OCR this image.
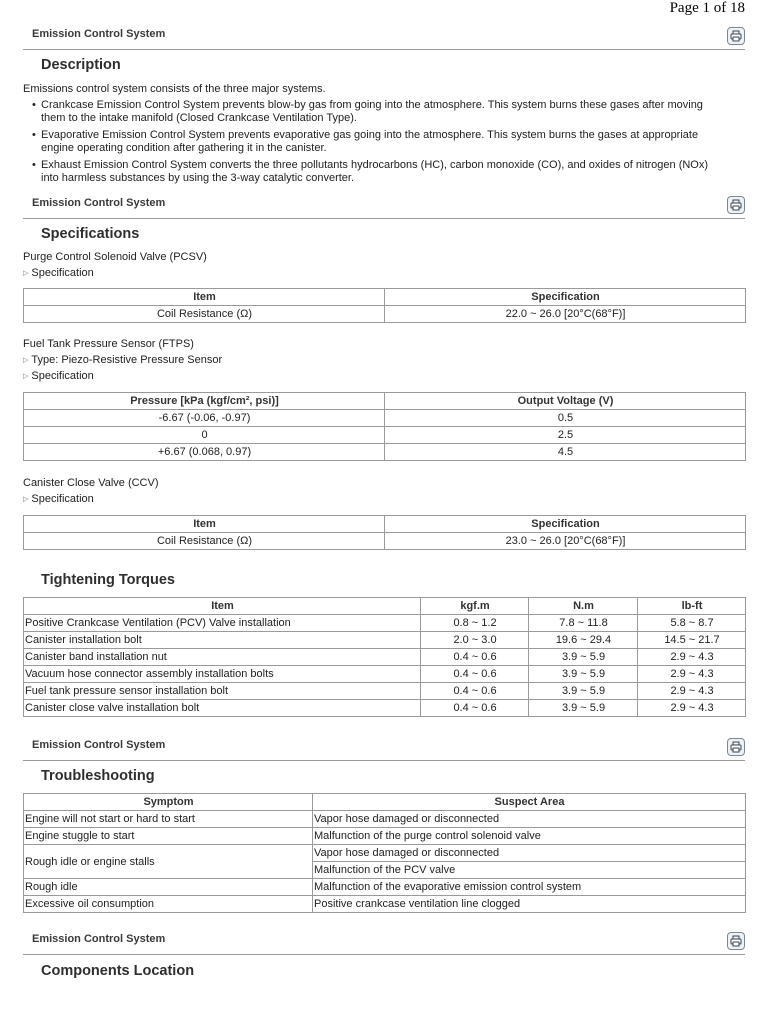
Page 1 of 18
Emission Control System
Description

Emissions control system consists of the three major systems.

• Crankcase Emission Control System prevents blow-by gas from going into the atmosphere. This system burns these gases after moving
them to the intake manifold (Closed Crankcase Ventilation Type).
• Evaporative Emission Control System prevents evaporative gas going into the atmosphere. This system burns the gases at appropriate
engine operating condition after gathering it in the canister.
• Exhaust Emission Control System converts the three pollutants hydrocarbons (HC), carbon monoxide (CO), and oxides of nitrogen (NOx)
into harmless substances by using the 3-way catalytic converter.
Emission Control System
Specifications
Purge Control Solenoid Valve (PCSV)
▷ Specification
Item	Specification
Coil Resistance (Ω)	22.0 ~ 26.0 [20°C(68°F)]
Fuel Tank Pressure Sensor (FTPS)
▷ Type: Piezo-Resistive Pressure Sensor
▷ Specification
Pressure [kPa (kgf/cm², psi)]	Output Voltage (V)
-6.67 (-0.06, -0.97)	0.5
0	2.5
+6.67 (0.068, 0.97)	4.5
Canister Close Valve (CCV)
▷ Specification
Item	Specification
Coil Resistance (Ω)	23.0 ~ 26.0 [20°C(68°F)]
Tightening Torques
Item	kgf.m	N.m	lb-ft
Positive Crankcase Ventilation (PCV) Valve installation	0.8 ~ 1.2	7.8 ~ 11.8	5.8 ~ 8.7
Canister installation bolt	2.0 ~ 3.0	19.6 ~ 29.4	14.5 ~ 21.7
Canister band installation nut	0.4 ~ 0.6	3.9 ~ 5.9	2.9 ~ 4.3
Vacuum hose connector assembly installation bolts	0.4 ~ 0.6	3.9 ~ 5.9	2.9 ~ 4.3
Fuel tank pressure sensor installation bolt	0.4 ~ 0.6	3.9 ~ 5.9	2.9 ~ 4.3
Canister close valve installation bolt	0.4 ~ 0.6	3.9 ~ 5.9	2.9 ~ 4.3
Emission Control System
Troubleshooting
Symptom	Suspect Area
Engine will not start or hard to start	Vapor hose damaged or disconnected
Engine stuggle to start	Malfunction of the purge control solenoid valve
Rough idle or engine stalls	Vapor hose damaged or disconnected
	Malfunction of the PCV valve
Rough idle	Malfunction of the evaporative emission control system
Excessive oil consumption	Positive crankcase ventilation line clogged
Emission Control System
Components Location
